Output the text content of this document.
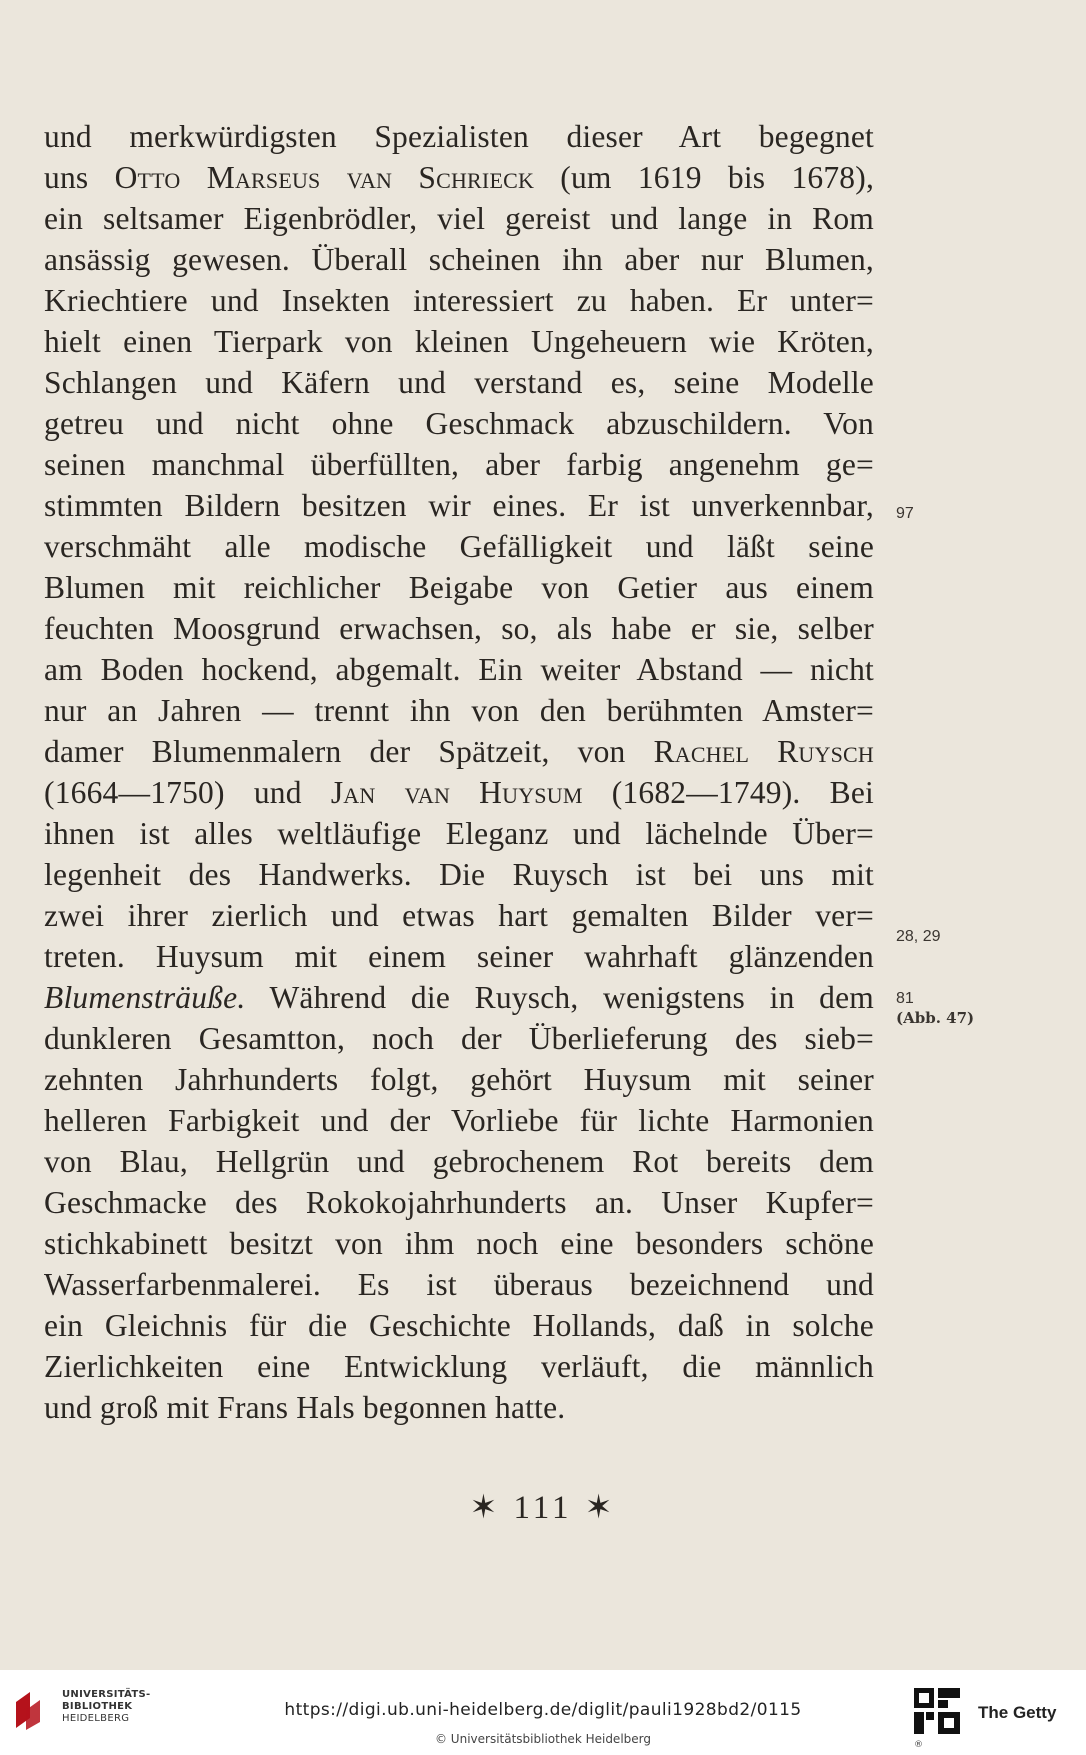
und merkwürdigsten Spezialisten dieser Art begegnet
uns Otto Marseus van Schrieck (um 1619 bis 1678),
ein seltsamer Eigenbrödler, viel gereist und lange in Rom
ansässig gewesen. Überall scheinen ihn aber nur Blumen,
Kriechtiere und Insekten interessiert zu haben. Er unter=
hielt einen Tierpark von kleinen Ungeheuern wie Kröten,
Schlangen und Käfern und verstand es, seine Modelle
getreu und nicht ohne Geschmack abzuschildern. Von
seinen manchmal überfüllten, aber farbig angenehm ge=
stimmten Bildern besitzen wir eines. Er ist unverkennbar,
verschmäht alle modische Gefälligkeit und läßt seine
Blumen mit reichlicher Beigabe von Getier aus einem
feuchten Moosgrund erwachsen, so, als habe er sie, selber
am Boden hockend, abgemalt. Ein weiter Abstand — nicht
nur an Jahren — trennt ihn von den berühmten Amster=
damer Blumenmalern der Spätzeit, von Rachel Ruysch
(1664—1750) und Jan van Huysum (1682—1749). Bei
ihnen ist alles weltläufige Eleganz und lächelnde Über=
legenheit des Handwerks. Die Ruysch ist bei uns mit
zwei ihrer zierlich und etwas hart gemalten Bilder ver=
treten. Huysum mit einem seiner wahrhaft glänzenden
Blumensträuße. Während die Ruysch, wenigstens in dem
dunkleren Gesamtton, noch der Überlieferung des sieb=
zehnten Jahrhunderts folgt, gehört Huysum mit seiner
helleren Farbigkeit und der Vorliebe für lichte Harmonien
von Blau, Hellgrün und gebrochenem Rot bereits dem
Geschmacke des Rokokojahrhunderts an. Unser Kupfer=
stichkabinett besitzt von ihm noch eine besonders schöne
Wasserfarbenmalerei. Es ist überaus bezeichnend und
ein Gleichnis für die Geschichte Hollands, daß in solche
Zierlichkeiten eine Entwicklung verläuft, die männlich
und groß mit Frans Hals begonnen hatte.
97
28, 29
81
(Abb. 47)
✶ 111 ✶
UNIVERSITÄTS-
BIBLIOTHEK
HEIDELBERG	https://digi.ub.uni-heidelberg.de/diglit/pauli1928bd2/0115
© Universitätsbibliothek Heidelberg
The Getty
®
